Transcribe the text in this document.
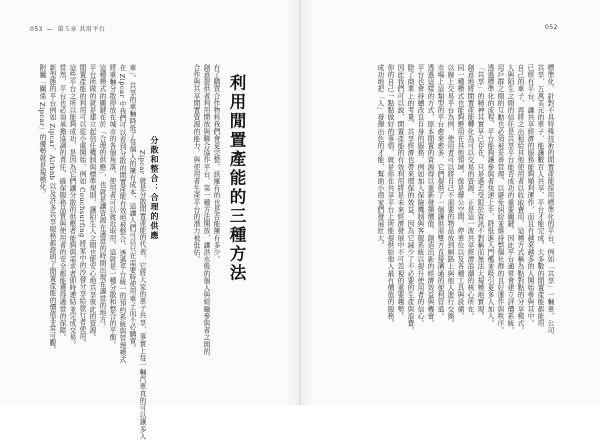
053 — 第５章 共用平台	052
利用閒置產能的三種方法
分散和整合：合理的供應	有了購買合作物料我們會更完整，該擁有的也是否能擁有多少。
創意提供者利用開放與聯合協作平台，第一種方法開放，讓洪水般的個人與組織參與者之間的
合作與共享閒置資源的能力，與使用者生產平台的潛力被低估。
Zipcar 就是分散閒置產能的代表，它將大家的車子共享，事實上每一輛汽車真的可以讓多人
車」。共享的車輛降低了每個人的擁有成本，這讓人們可以只在需要時使用車子而不必購買。
在 Zipcar 中我們可以看到分散的閒置產能有效地被整合，透過平台統一的預約系統與管理模式
將車輛分散停放在城市的各個角落，使用者可以就近取用，這就是一種分散和整合的平衡。
這種模式的關鍵在於「合理的供應」，也就是讓資源在適當的時間出現在適當的地方。
平台所做的就是建立起信任機制與標準規則，讓陌生人之間也能安心地共享彼此的資源。
閒置產能的利用可以從小處開始，例如 Couchsurfing 將家中的沙發分享給旅行者使用。
這些平台之所以能夠成功，是因為它們讓分散的供應者能夠與需求者即時連結並完成交易。
當然，平台也必須承擔協調的責任，確保服務品質與使用者的安全都能獲得適當的保障。
新型態的平台例如 Zipcar、Airbnb 以及許多共享服務都證明了閒置產能的價值非常可觀。
附屬「關係 Zipcar」的優勢就是規模化。	標準化，針對不具特殊技術的閒置產能採用標準化的平台，例如「共享」一輛車，公司
共享，五萬美元的車子，能讓數百人共享，平台才能完成。大多數的閒置產能都能用
已經有平台，讓共享經濟的服務能夠順利運作，而且有越來越多的人開始參與其中。
自己的車子，再將之出租給其他使用者以收取費用，這種方式稱為點對點的分享模式。
人與陌生之間的信任是共享平台能否成功的重要關鍵，因此平台通常會建立評價系統。
用戶群之間的互動也必須被妥善管理，以避免糾紛並維持整個社群的良好運作與秩序。
透過標準化的流程，平台能夠讓參與者快速上手，降低進入門檻並吸引更多人加入。
「共享」的精神其實早已存在，只是過去受限於資訊不對稱而無法大規模地實現。
創意地將閒置產能轉化為可以交易的資源，正是這一波共享經濟浪潮的核心所在。
同一種模式也能夠應用在其他領域，像是辦公空間、停車位以及各種工具與設備。
以線上交易平台為例，使用者可以將自己不需要的物品放到網路上與他人進行交換。
市場上這類型的平台愈來愈多，它們提供了一個讓供需雙方直接溝通的便利管道。
透過這樣的方式，原本閒置的資源得以重新發揮價值，創造出新的經濟效益與機會。
平台也會持續改良自身的服務，例如加入保險機制與客服系統以提升使用者的信心。
除了商業上的考量，共享經濟也帶來環保的效益，因為它減少了不必要的生產與浪費。
因此我們可以說，閒置產能的有效利用將是未來經濟發展中不可忽視的重要趨勢。
你的自己一點點做好的事情，就是你在共享平台上所能提供給他人最有價值的服務。
成功地把「人」發揮出色的才能，幫助小商家們發展壯大。
